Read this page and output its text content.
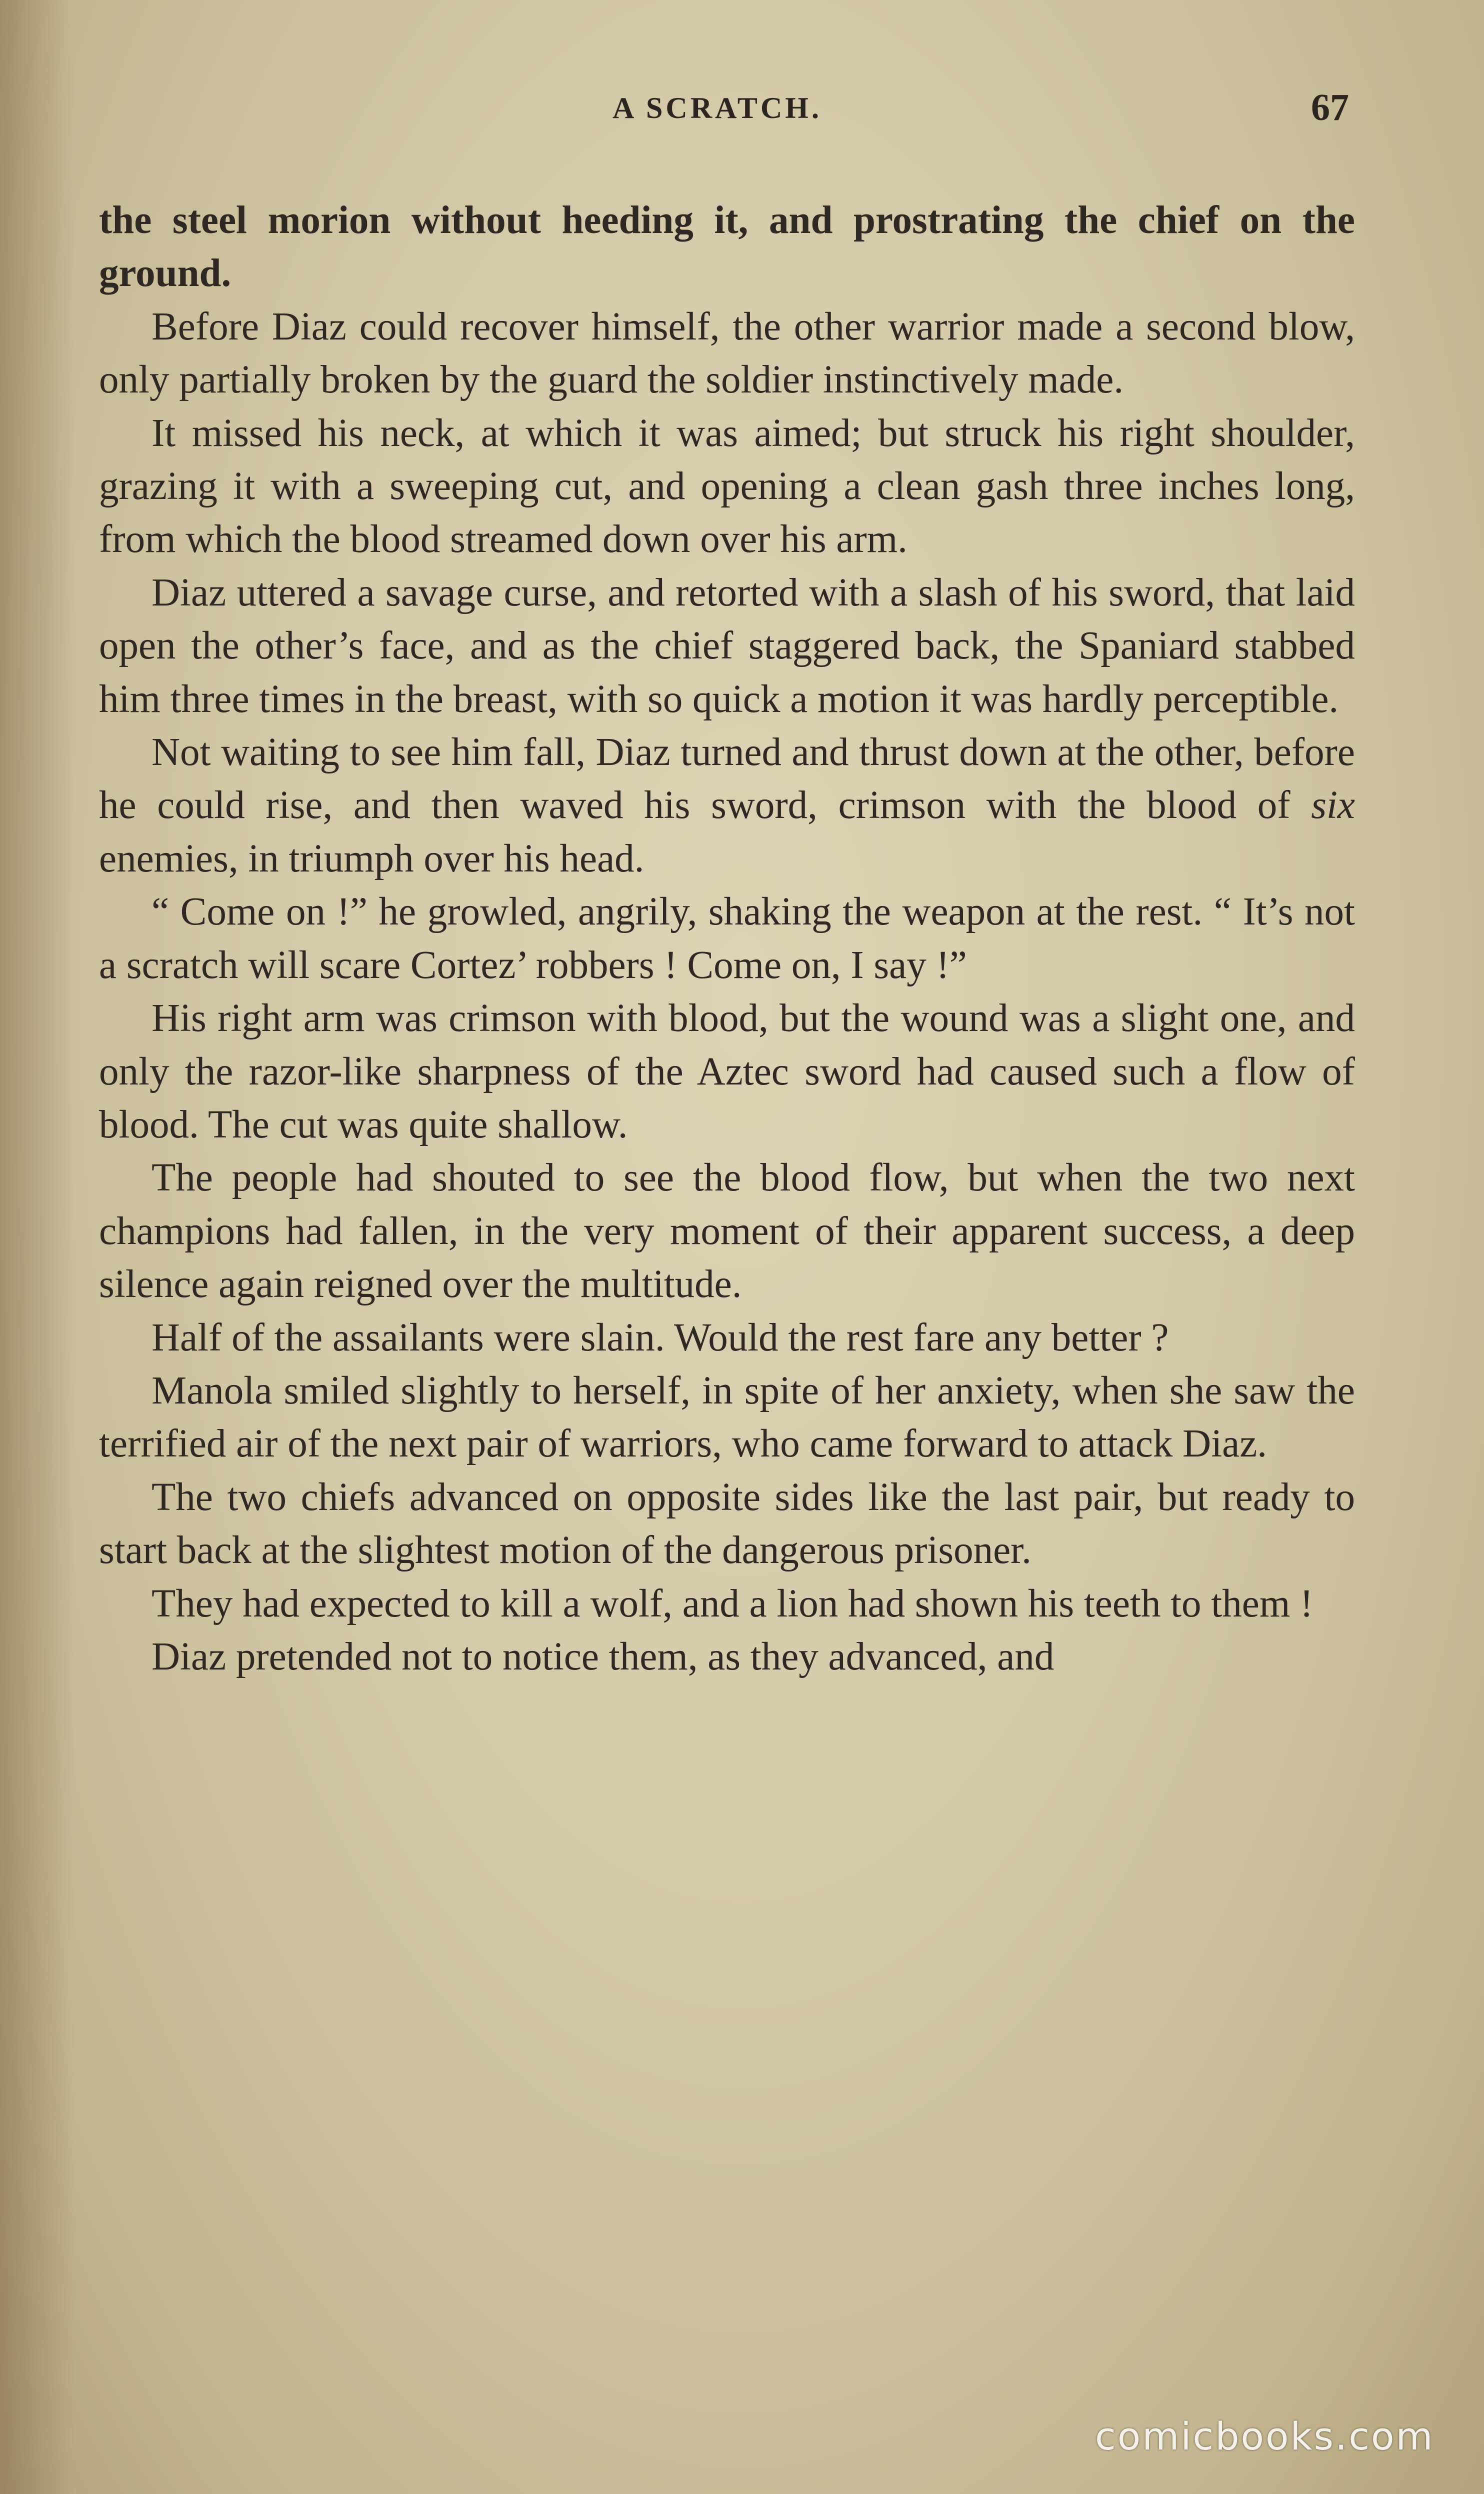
A SCRATCH.	67

the steel morion without heeding it, and prostrating the chief on the ground.

Before Diaz could recover himself, the other warrior made a second blow, only partially broken by the guard the soldier instinctively made.

It missed his neck, at which it was aimed; but struck his right shoulder, grazing it with a sweeping cut, and opening a clean gash three inches long, from which the blood streamed down over his arm.

Diaz uttered a savage curse, and retorted with a slash of his sword, that laid open the other’s face, and as the chief staggered back, the Spaniard stabbed him three times in the breast, with so quick a motion it was hardly perceptible.

Not waiting to see him fall, Diaz turned and thrust down at the other, before he could rise, and then waved his sword, crimson with the blood of six enemies, in triumph over his head.

“ Come on !” he growled, angrily, shaking the weapon at the rest. “ It’s not a scratch will scare Cortez’ robbers ! Come on, I say !”

His right arm was crimson with blood, but the wound was a slight one, and only the razor-like sharpness of the Aztec sword had caused such a flow of blood. The cut was quite shallow.

The people had shouted to see the blood flow, but when the two next champions had fallen, in the very moment of their apparent success, a deep silence again reigned over the multitude.

Half of the assailants were slain. Would the rest fare any better ?

Manola smiled slightly to herself, in spite of her anxiety, when she saw the terrified air of the next pair of warriors, who came forward to attack Diaz.

The two chiefs advanced on opposite sides like the last pair, but ready to start back at the slightest motion of the dangerous prisoner.

They had expected to kill a wolf, and a lion had shown his teeth to them !

Diaz pretended not to notice them, as they advanced, and

comicbooks.com
